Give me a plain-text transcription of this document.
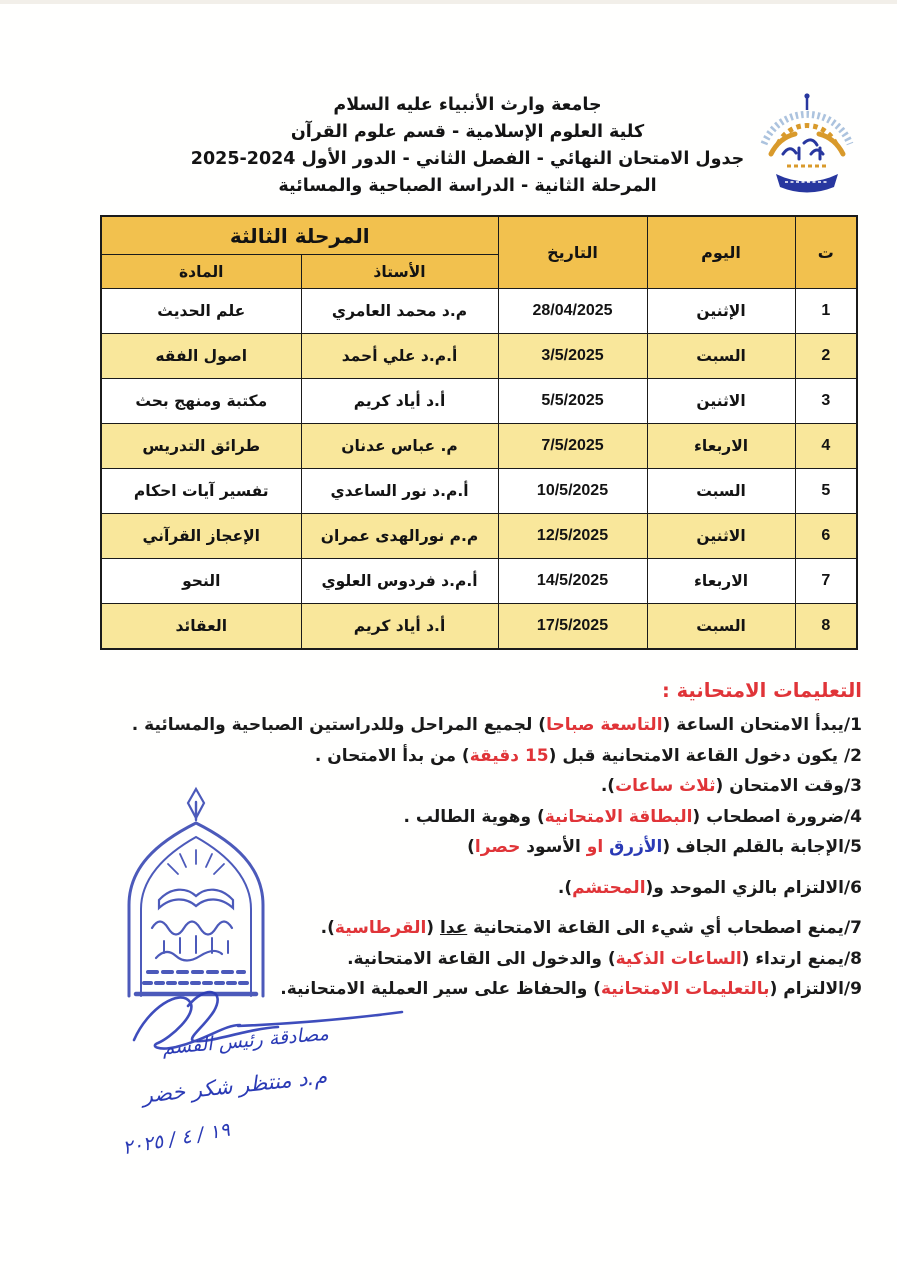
جامعة وارث الأنبياء عليه السلام
كلية العلوم الإسلامية - قسم علوم القرآن
جدول الامتحان النهائي - الفصل الثاني - الدور الأول 2024‏-‏2025
المرحلة الثانية - الدراسة الصباحية والمسائية
ت	اليوم	التاريخ	المرحلة الثالثة	
			الأستاذ	المادة
1	الإثنين	28/04/2025	م.د محمد العامري	علم الحديث
2	السبت	3/5/2025	أ.م.د علي أحمد	اصول الفقه
3	الاثنين	5/5/2025	أ.د أياد كريم	مكتبة ومنهج بحث
4	الاربعاء	7/5/2025	م. عباس عدنان	طرائق التدريس
5	السبت	10/5/2025	أ.م.د نور الساعدي	تفسير آيات احكام
6	الاثنين	12/5/2025	م.م نورالهدى عمران	الإعجاز القرآني
7	الاربعاء	14/5/2025	أ.م.د فردوس العلوي	النحو
8	السبت	17/5/2025	أ.د أياد كريم	العقائد
التعليمات الامتحانية :
1/يبدأ الامتحان الساعة (التاسعة صباحا) لجميع المراحل وللدراستين الصباحية والمسائية .
2/ يكون دخول القاعة الامتحانية قبل (15 دقيقة) من بدأ الامتحان .
3/وقت الامتحان (ثلاث ساعات).
4/ضرورة اصطحاب (البطاقة الامتحانية) وهوية الطالب .
5/الإجابة بالقلم الجاف (الأزرق او الأسود حصرا)
6/الالتزام بالزي الموحد و(المحتشم).
7/يمنع اصطحاب أي شيء الى القاعة الامتحانية عدا (القرطاسية).
8/يمنع ارتداء (الساعات الذكية) والدخول الى القاعة الامتحانية.
9/الالتزام (بالتعليمات الامتحانية) والحفاظ على سير العملية الامتحانية.
مصادقة رئيس القسم
م.د منتظر شكر خضر
١٩ / ٤ / ٢٠٢٥
